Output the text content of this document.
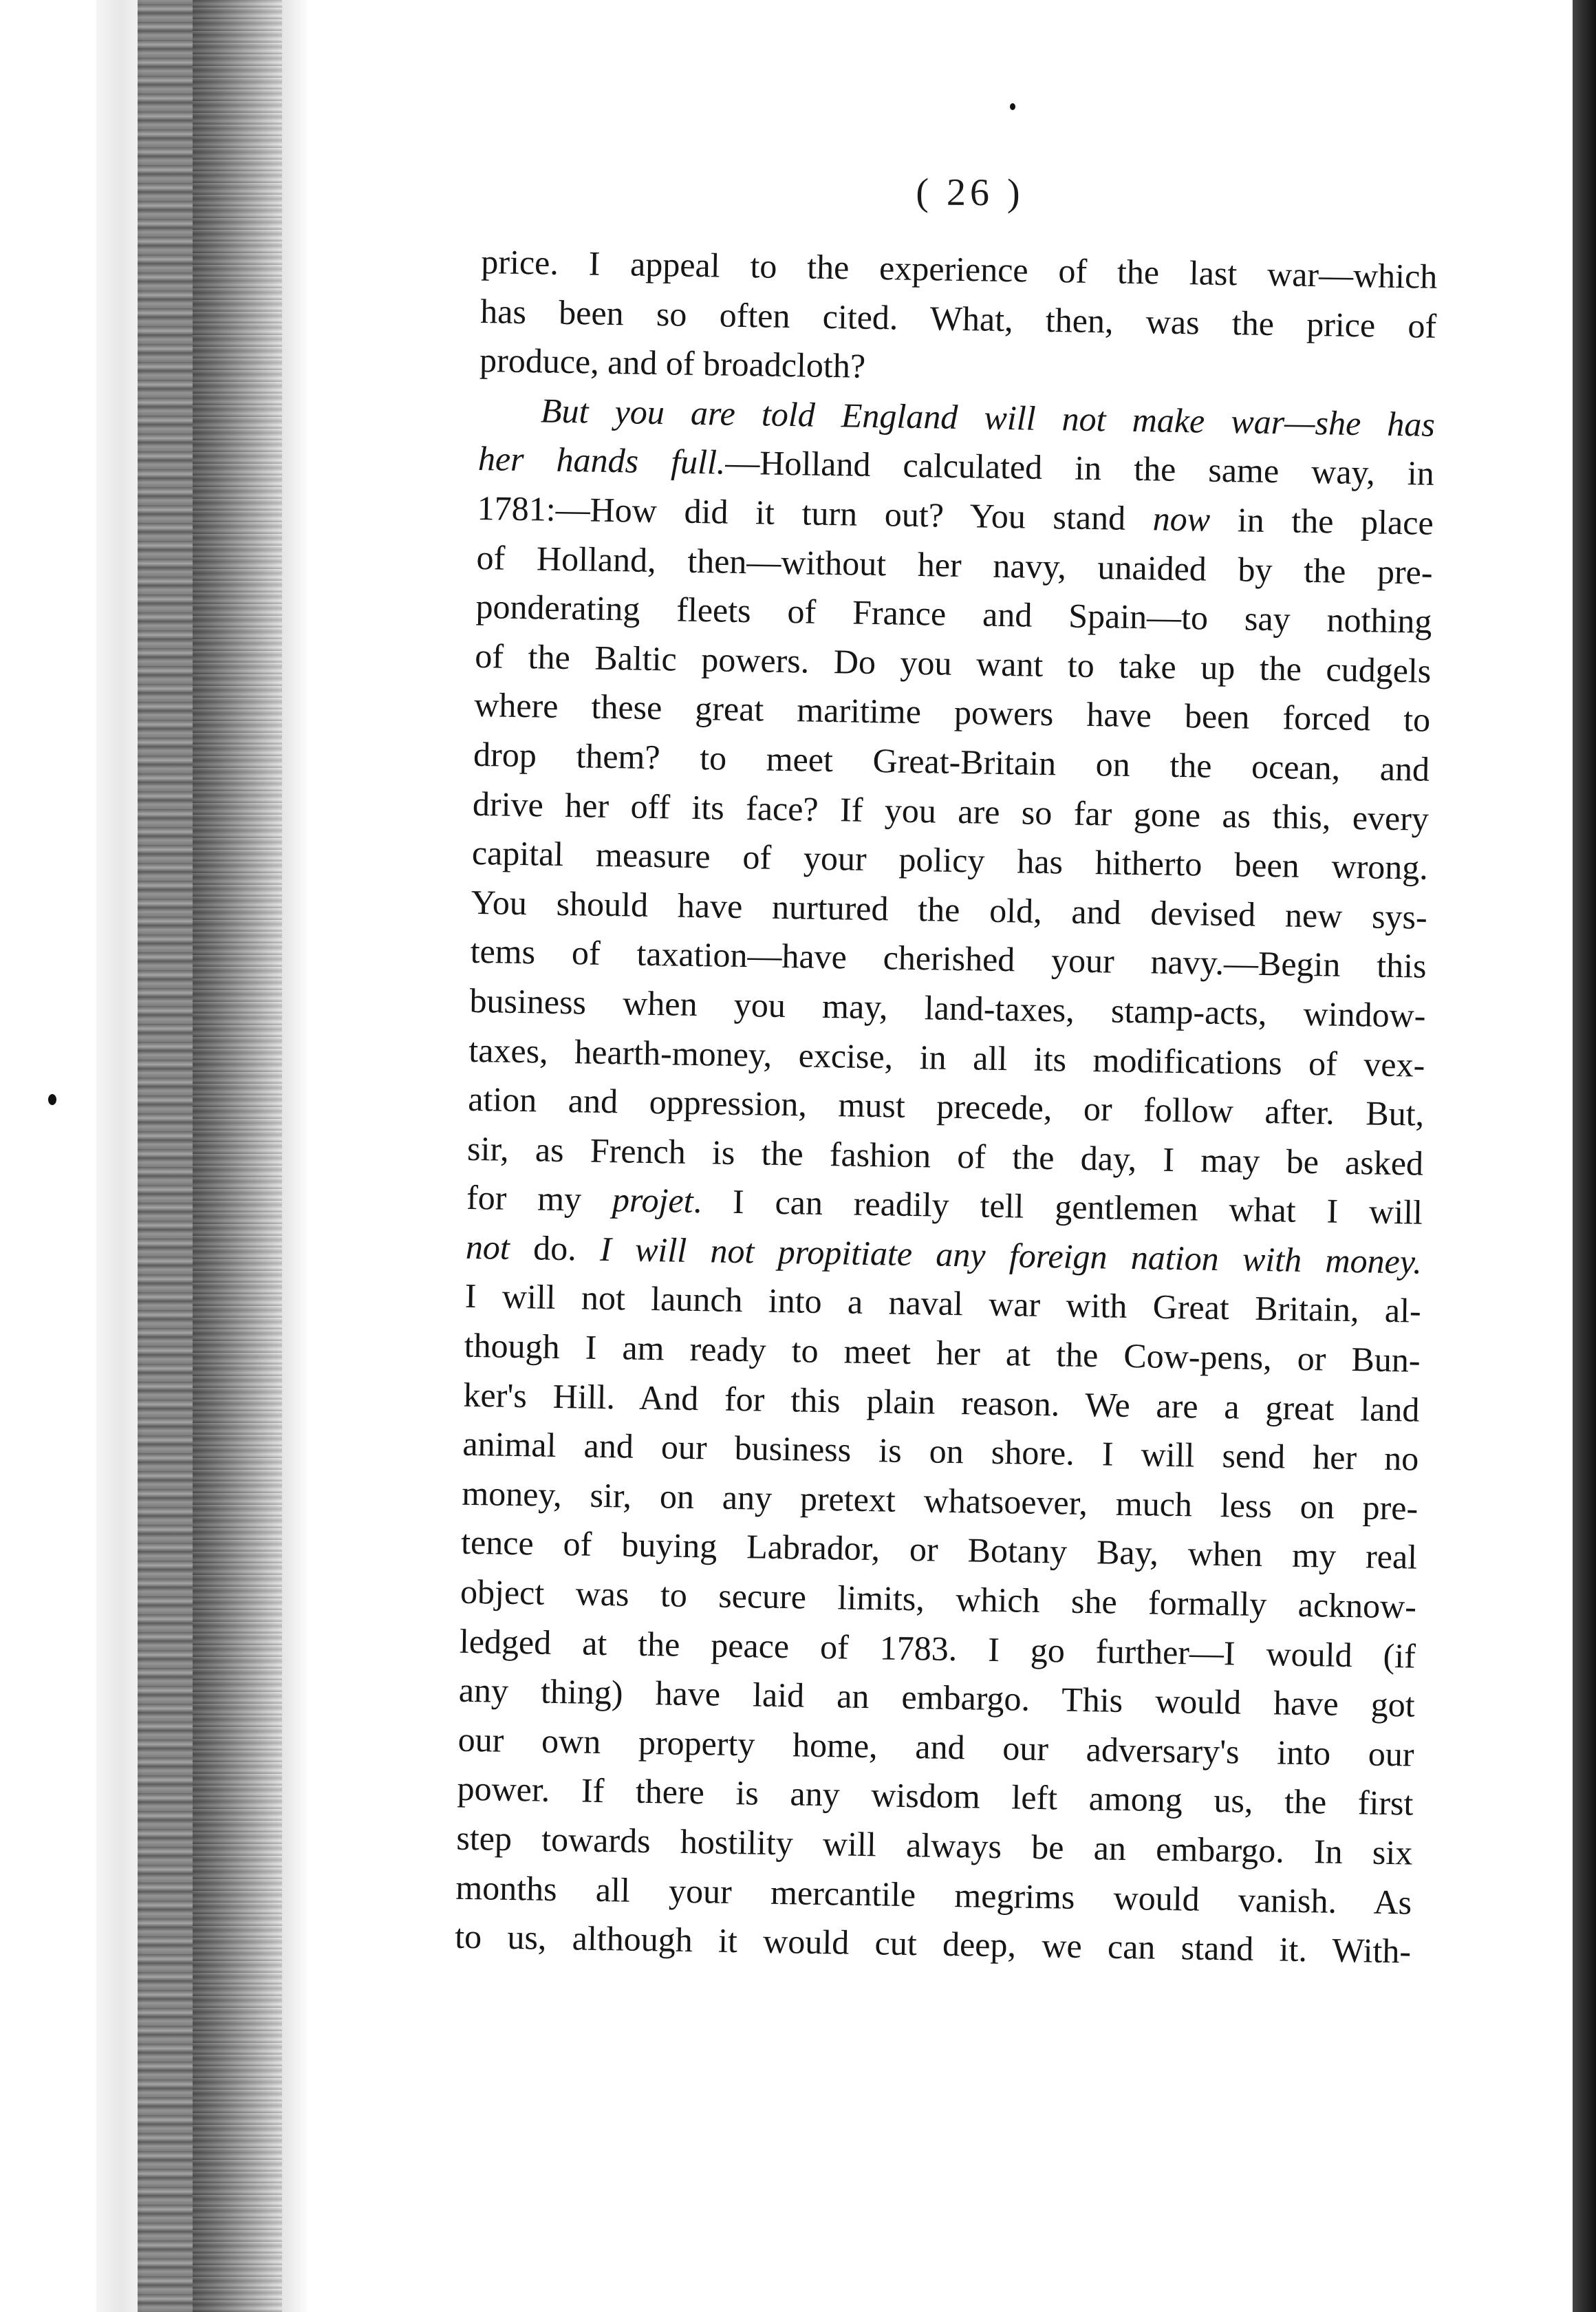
( 26 )
price. I appeal to the experience of the last war—which
has been so often cited. What, then, was the price of
produce, and of broadcloth?
But you are told England will not make war—she has
her hands full.—Holland calculated in the same way, in
1781:—How did it turn out? You stand now in the place
of Holland, then—without her navy, unaided by the pre-
ponderating fleets of France and Spain—to say nothing
of the Baltic powers. Do you want to take up the cudgels
where these great maritime powers have been forced to
drop them? to meet Great-Britain on the ocean, and
drive her off its face? If you are so far gone as this, every
capital measure of your policy has hitherto been wrong.
You should have nurtured the old, and devised new sys-
tems of taxation—have cherished your navy.—Begin this
business when you may, land-taxes, stamp-acts, window-
taxes, hearth-money, excise, in all its modifications of vex-
ation and oppression, must precede, or follow after. But,
sir, as French is the fashion of the day, I may be asked
for my projet. I can readily tell gentlemen what I will
not do. I will not propitiate any foreign nation with money.
I will not launch into a naval war with Great Britain, al-
though I am ready to meet her at the Cow-pens, or Bun-
ker's Hill. And for this plain reason. We are a great land
animal and our business is on shore. I will send her no
money, sir, on any pretext whatsoever, much less on pre-
tence of buying Labrador, or Botany Bay, when my real
object was to secure limits, which she formally acknow-
ledged at the peace of 1783. I go further—I would (if
any thing) have laid an embargo. This would have got
our own property home, and our adversary's into our
power. If there is any wisdom left among us, the first
step towards hostility will always be an embargo. In six
months all your mercantile megrims would vanish. As
to us, although it would cut deep, we can stand it. With-
